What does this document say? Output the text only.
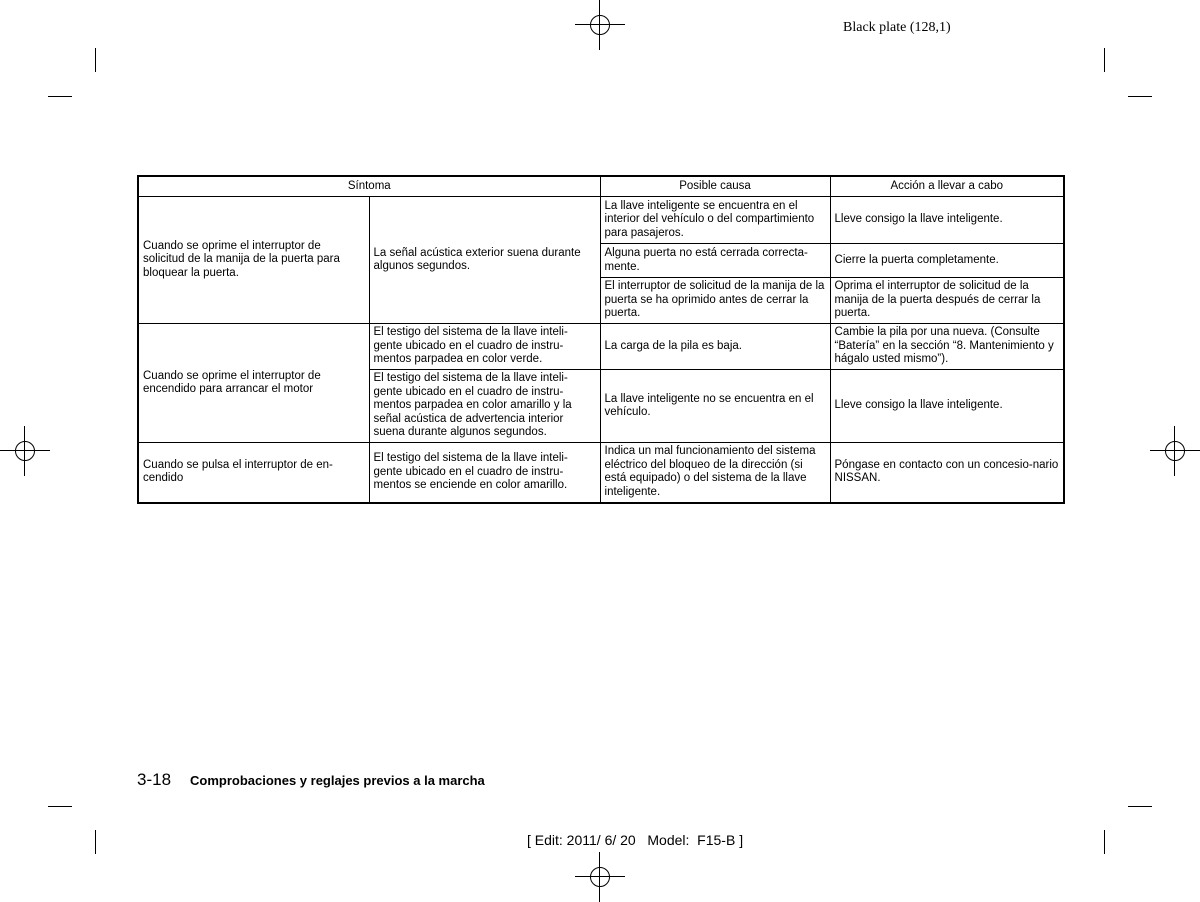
Black plate (128,1)
Síntoma		Posible causa	Acción a llevar a cabo
Cuando se oprime el interruptor de solicitud de la manija de la puerta para bloquear la puerta.	La señal acústica exterior suena durante algunos segundos.	La llave inteligente se encuentra en el interior del vehículo o del compartimiento para pasajeros.	Lleve consigo la llave inteligente.
		Alguna puerta no está cerrada correcta-mente.	Cierre la puerta completamente.
		El interruptor de solicitud de la manija de la puerta se ha oprimido antes de cerrar la puerta.	Oprima el interruptor de solicitud de la manija de la puerta después de cerrar la puerta.
Cuando se oprime el interruptor de encendido para arrancar el motor	El testigo del sistema de la llave inteli-gente ubicado en el cuadro de instru-mentos parpadea en color verde.	La carga de la pila es baja.	Cambie la pila por una nueva. (Consulte “Batería” en la sección “8. Mantenimiento y hágalo usted mismo”).
	El testigo del sistema de la llave inteli-gente ubicado en el cuadro de instru-mentos parpadea en color amarillo y la señal acústica de advertencia interior suena durante algunos segundos.	La llave inteligente no se encuentra en el vehículo.	Lleve consigo la llave inteligente.
Cuando se pulsa el interruptor de en-cendido	El testigo del sistema de la llave inteli-gente ubicado en el cuadro de instru-mentos se enciende en color amarillo.	Indica un mal funcionamiento del sistema eléctrico del bloqueo de la dirección (si está equipado) o del sistema de la llave inteligente.	Póngase en contacto con un concesio-nario NISSAN.
3-18 Comprobaciones y reglajes previos a la marcha
[ Edit: 2011/ 6/ 20   Model:  F15-B ]
